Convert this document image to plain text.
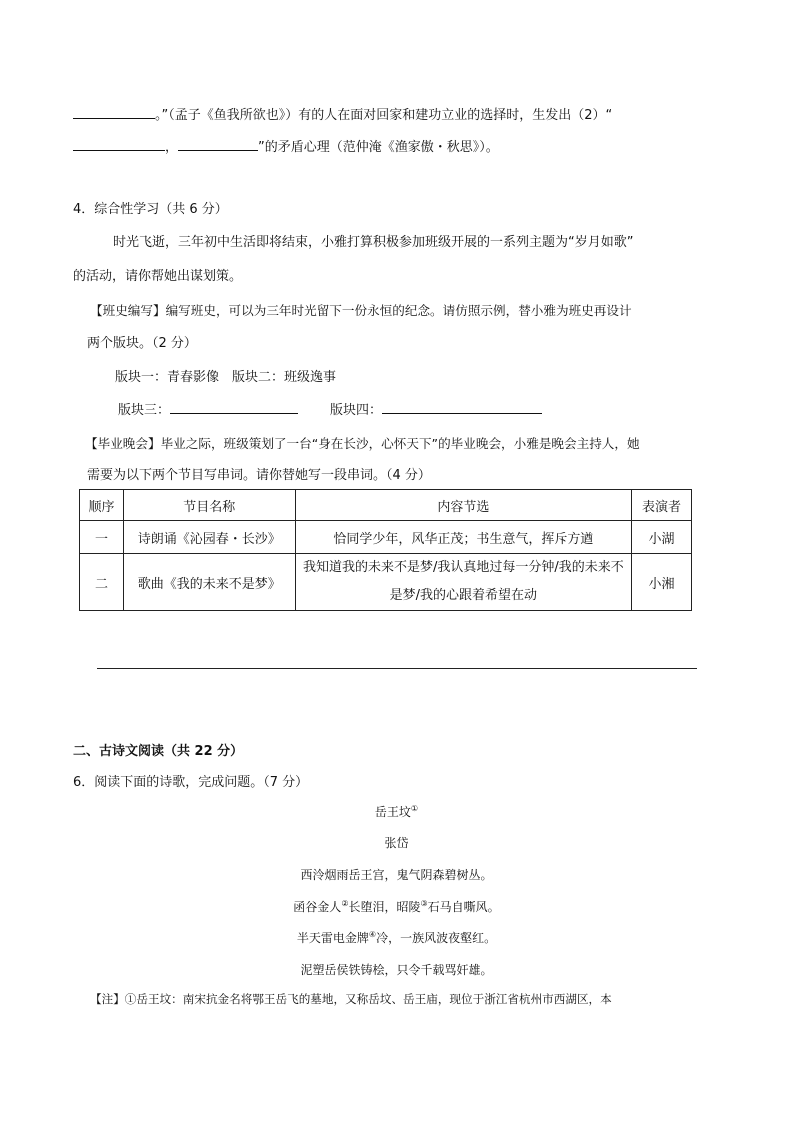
。”（孟子《鱼我所欲也》）有的人在面对回家和建功立业的选择时，生发出（2）“
，	”的矛盾心理（范仲淹《渔家傲・秋思》）。
4．综合性学习（共 6 分）
时光飞逝，三年初中生活即将结束，小雅打算积极参加班级开展的一系列主题为“岁月如歌”
的活动，请你帮她出谋划策。
【班史编写】编写班史，可以为三年时光留下一份永恒的纪念。请仿照示例，替小雅为班史再设计
两个版块。（2 分）
版块一：青春影像　版块二：班级逸事
版块三：	版块四：
【毕业晚会】毕业之际，班级策划了一台“身在长沙，心怀天下”的毕业晚会，小雅是晚会主持人，她
需要为以下两个节目写串词。请你替她写一段串词。（4 分）
顺序	节目名称	内容节选	表演者
一	诗朗诵《沁园春・长沙》	恰同学少年，风华正茂；书生意气，挥斥方遒	小湖
二	歌曲《我的未来不是梦》	我知道我的未来不是梦/我认真地过每一分钟/我的未来不是梦/我的心跟着希望在动	小湘
二、古诗文阅读（共 22 分）
6．阅读下面的诗歌，完成问题。（7 分）
岳王坟①
张岱
西泠烟雨岳王宫，鬼气阴森碧树丛。
函谷金人②长堕泪，昭陵③石马自嘶风。
半天雷电金牌④冷，一族风波夜壑红。
泥塑岳侯铁铸桧，只令千载骂奸雄。
【注】①岳王坟：南宋抗金名将鄂王岳飞的墓地，又称岳坟、岳王庙，现位于浙江省杭州市西湖区，本
